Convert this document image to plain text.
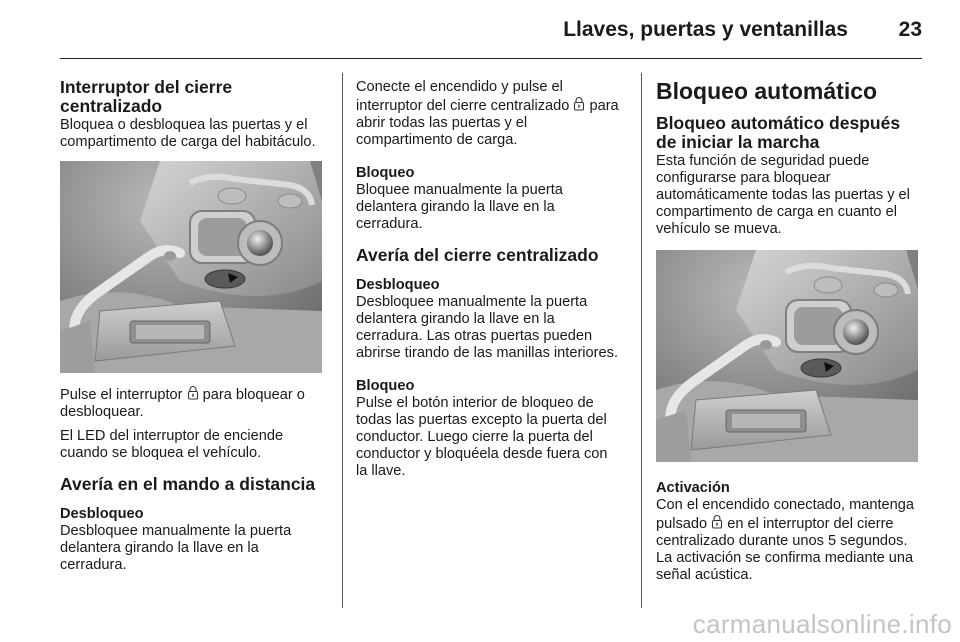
Llaves, puertas y ventanillas 23
Interruptor del cierre centralizado

Bloquea o desbloquea las puertas y el compartimento de carga del habitáculo.

Pulse el interruptor para bloquear o desbloquear.

El LED del interruptor de enciende cuando se bloquea el vehículo.

Avería en el mando a distancia
Desbloqueo

Desbloquee manualmente la puerta delantera girando la llave en la cerradura.

Conecte el encendido y pulse el interruptor del cierre centralizado para abrir todas las puertas y el compartimento de carga.

Bloqueo

Bloquee manualmente la puerta delantera girando la llave en la cerradura.

Avería del cierre centralizado
Desbloqueo

Desbloquee manualmente la puerta delantera girando la llave en la cerradura. Las otras puertas pueden abrirse tirando de las manillas interiores.

Bloqueo

Pulse el botón interior de bloqueo de todas las puertas excepto la puerta del conductor. Luego cierre la puerta del conductor y bloquéela desde fuera con la llave.

Bloqueo automático
Bloqueo automático después de iniciar la marcha

Esta función de seguridad puede configurarse para bloquear automáticamente todas las puertas y el compartimento de carga en cuanto el vehículo se mueva.

Activación

Con el encendido conectado, mantenga pulsado en el interruptor del cierre centralizado durante unos 5 segundos. La activación se confirma mediante una señal acústica.

carmanualsonline.info
